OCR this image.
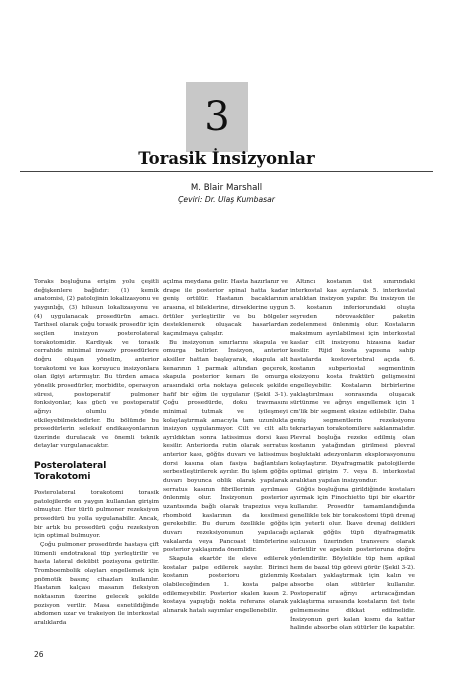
3
Torasik İnsizyonlar
M. Blair Marshall
Çeviri: Dr. Ulaş Kumbasar

Toraks boşluğuna erişim yolu çeşitli değişkenlere bağlıdır: (1) kemik anatomisi, (2) patolojinin lokalizasyonu ve yaygınlığı, (3) hilusun lokalizasyonu ve (4) uygulanacak prosedürün amacı. Tarihsel olarak çoğu torasik prosedür için seçilen insizyon posterolateral torakotomidir. Kardiyak ve torasik cerrahide minimal invaziv prosedürlere doğru oluşan yönelim, anterior torakotomi ve kas koruyucu insizyonlara olan ilgiyi artırmıştır. Bu türden amaca yönelik prosedürler, morbidite, operasyon süresi, postoperatif pulmoner fonksiyonlar, kas gücü ve postoperatif ağrıyı olumlu yönde etkileyebilmektedirler. Bu bölümde bu prosedürlerin seleksif endikasyonlarının üzerinde durulacak ve önemli teknik detaylar vurgulanacaktır.

Posterolateral Torakotomi

Posterolateral torakotomi torasik patolojilerde en yaygın kullanılan girişim olmuştur. Her türlü pulmoner rezeksiyon prosedürü bu yolla uygulanabilir. Ancak, bir artık bu prosedürü çoğu rezeksiyon için optimal bulmuyor.

Çoğu pulmoner prosedürde hastaya çift lümenli endotrakeal tüp yerleştirilir ve hasta lateral dekübit pozisyona getirilir. Tromboembolik olayları engellemek için pnömotik basınç cihazları kullanılır. Hastanın kalçası masanın fleksiyon noktasının üzerine gelecek şekilde pozisyon verilir. Masa esnetildiğinde abdomen uzar ve trakeiyon ile interkostal aralıklarda

açılma meydana gelir. Hasta hazırlanır ve drape ile posterior spinal hatta kadar geniş ortülür. Hastanın bacaklarının arasına, el bileklerine, dirseklerine uygun örtüler yerleştirilir ve bu bölgeler desteklenerek oluşacak hasarlardan kaçınılmaya çalışılır.

Bu insizyonun sınırlarını skapula ve omurga belirler. İnsizyon, anterior aksiller hattan başlayarak, skapula alt kenarının 1 parmak altından geçerek, skapula posterior kenarı ile omurga arasındaki orta noktaya gelecek şekilde hafif bir eğim ile uygulanır (Şekil 3-1). Çoğu prosedürde, doku travmasını minimal tutmak ve iyileşmeyi kolaylaştırmak amacıyla tam uzunlukta insizyon uygulanmıyor. Cilt ve cilt altı ayrıldıktan sonra latissimus dorsi kası kesilir. Anteriorda rutin olarak serratus anterior kası, göğüs duvarı ve latissimus dorsi kasına olan fasiya bağlantıları serbestleştirilerek ayrılır. Bu işlem göğüs duvarı boyunca oblik olarak yapılarak serratus kasının fibrillerinin ayrılması önlenmiş olur. İnsizyonun posterior uzantısında bağlı olarak trapezius veya rhomboid kaslarının da kesilmesi gerekebilir. Bu durum özellikle göğüs duvarı rezeksiyonunun yapılacağı vakalarda veya Pancoast tümörlerine posterior yaklaşımda önemlidir.

Skapula ekartör ile eleve edilerek kostalar palpe edilerek sayılır. Birinci kostanın posterioru gizlenmiş olabileceğinden 1. kosta palpe edilemeyebilir. Posterior skalen kasın 2. kostaya yapıştığı nokta referans olarak alınarak hatalı sayımlar engellenebilir.

Altıncı kostanın üst sınırındaki interkostal kas ayrılarak 5. interkostal aralıktan insizyon yapılır. Bu insizyon ile 5. kostanın inferiorundaki oluşta seyreden nörovasküler paketin zedelenmesi önlenmiş olur. Kostaların maksimum ayrılabilmesi için interkostal kaslar cilt insizyonu hizasına kadar kesilir. Rijid kosta yapısına sahip hastalarda kostovertebral açıda 6. kostanın subperiostal segmentinin eksizyonu kosta fraktürü gelişmesini engelleyebilir. Kostaların birbirlerine yaklaştırılması sonrasında oluşacak sürtünme ve ağrıyı engellemek için 1 cm'lik bir segment eksize edilebilir. Daha geniş segmentlerin rezeksiyonu tekrarlayan torakotomilere saklanmalıdır. Plevral boşluğa rezeke edilmiş olan kostanın yatağından girilmesi plevral boşluktaki adezyonların eksplorasyonunu kolaylaştırır. Diyafragmatik patolojilerde optimal girişim 7. veya 8. interkostal aralıktan yapılan insizyondur.

Göğüs boşluğuna girildiğinde kostaları ayırmak için Finochietto tipi bir ekartör kullanılır. Prosedür tamamlandığında genellikle tek bir torakostomi tüpü drenaj için yeterli olur. İkave drenaj delikleri açılarak göğüs tüpü diyafragmatik sulcusun üzerinden transvers olarak ilerletilir ve apeksin posterioruna doğru yönlendirilir. Böylelikle tüp hem apikal hem de bazal tüp görevi görür (Şekil 3-2). Kostaları yaklaştırmak için kalın ve absorbe olan sütürler kullanılır. Postoperatif ağrıyı artıracağından yaklaştırma sırasında kostaların üst üste gelmemesine dikkat edilmelidir. İnsizyonun geri kalan kısmı da kattar halinde absorbe olan sütürler ile kapatılır.

26
